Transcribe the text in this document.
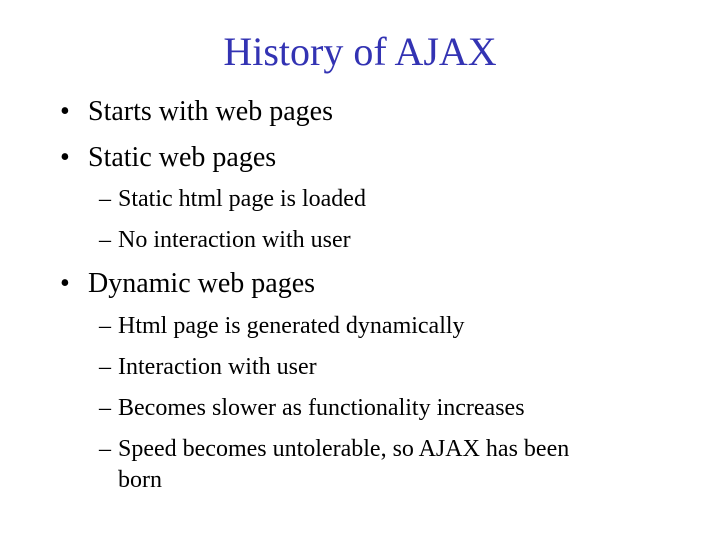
History of AJAX
• Starts with web pages
• Static web pages
– Static html page is loaded
– No interaction with user
• Dynamic web pages
– Html page is generated dynamically
– Interaction with user
– Becomes slower as functionality increases
– Speed becomes untolerable, so AJAX has been
born
